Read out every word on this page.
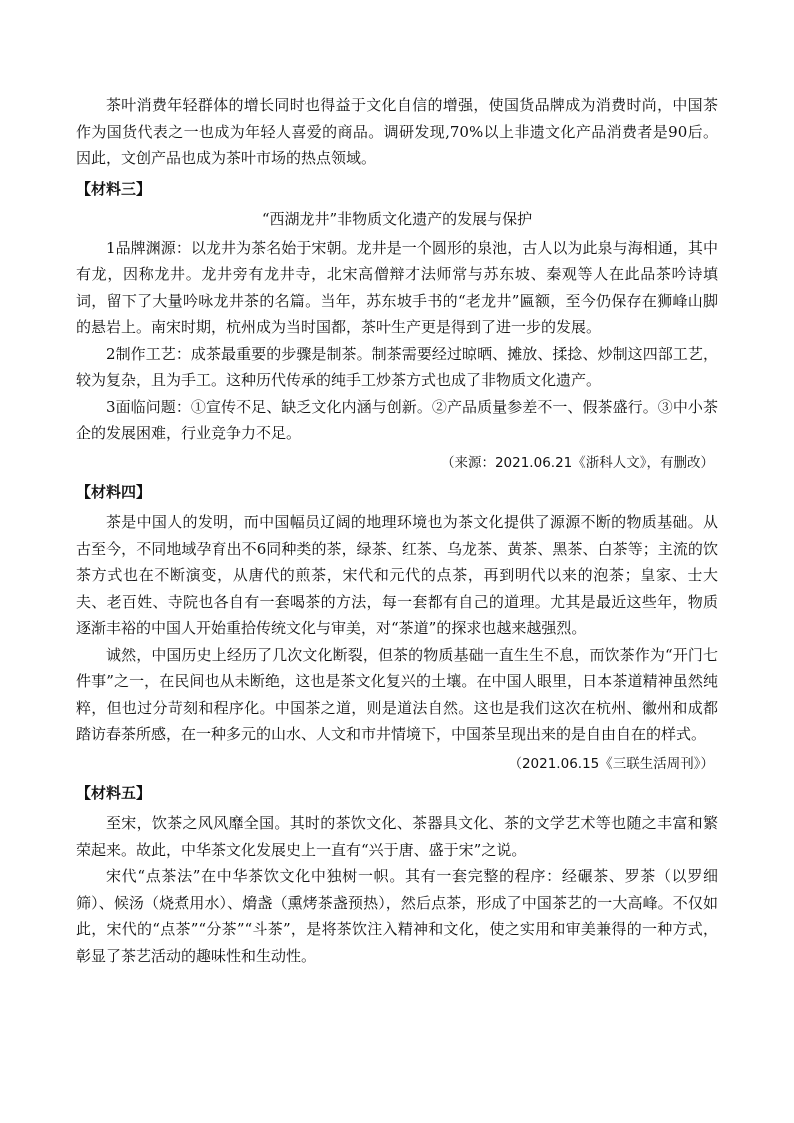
茶叶消费年轻群体的增长同时也得益于文化自信的增强，使国货品牌成为消费时尚，中国茶作为国货代表之一也成为年轻人喜爱的商品。调研发现,70%以上非遗文化产品消费者是90后。因此，文创产品也成为茶叶市场的热点领域。

【材料三】
“西湖龙井”非物质文化遗产的发展与保护

1品牌渊源：以龙井为茶名始于宋朝。龙井是一个圆形的泉池，古人以为此泉与海相通，其中有龙，因称龙井。龙井旁有龙井寺，北宋高僧辩才法师常与苏东坡、秦观等人在此品茶吟诗填词，留下了大量吟咏龙井茶的名篇。当年，苏东坡手书的“老龙井”匾额，至今仍保存在狮峰山脚的悬岩上。南宋时期，杭州成为当时国都，茶叶生产更是得到了进一步的发展。

2制作工艺：成茶最重要的步骤是制茶。制茶需要经过晾晒、摊放、揉捻、炒制这四部工艺，较为复杂，且为手工。这种历代传承的纯手工炒茶方式也成了非物质文化遗产。

3面临问题：①宣传不足、缺乏文化内涵与创新。②产品质量参差不一、假茶盛行。③中小茶企的发展困难，行业竞争力不足。

（来源：2021.06.21《浙科人文》，有删改）
【材料四】

茶是中国人的发明，而中国幅员辽阔的地理环境也为茶文化提供了源源不断的物质基础。从古至今，不同地域孕育出不6同种类的茶，绿茶、红茶、乌龙茶、黄茶、黑茶、白茶等；主流的饮茶方式也在不断演变，从唐代的煎茶，宋代和元代的点茶，再到明代以来的泡茶；皇家、士大夫、老百姓、寺院也各自有一套喝茶的方法，每一套都有自己的道理。尤其是最近这些年，物质逐渐丰裕的中国人开始重拾传统文化与审美，对“茶道”的探求也越来越强烈。

诚然，中国历史上经历了几次文化断裂，但茶的物质基础一直生生不息，而饮茶作为“开门七件事”之一，在民间也从未断绝，这也是茶文化复兴的土壤。在中国人眼里，日本茶道精神虽然纯粹，但也过分苛刻和程序化。中国茶之道，则是道法自然。这也是我们这次在杭州、徽州和成都踏访春茶所感，在一种多元的山水、人文和市井情境下，中国茶呈现出来的是自由自在的样式。

（2021.06.15《三联生活周刊》）
【材料五】

至宋，饮茶之风风靡全国。其时的茶饮文化、茶器具文化、茶的文学艺术等也随之丰富和繁荣起来。故此，中华茶文化发展史上一直有“兴于唐、盛于宋”之说。

宋代“点茶法”在中华茶饮文化中独树一帜。其有一套完整的程序：经碾茶、罗茶（以罗细筛）、候汤（烧煮用水）、熁盏（熏烤茶盏预热），然后点茶，形成了中国茶艺的一大高峰。不仅如此，宋代的“点茶”“分茶”“斗茶”，是将茶饮注入精神和文化，使之实用和审美兼得的一种方式，彰显了茶艺活动的趣味性和生动性。
